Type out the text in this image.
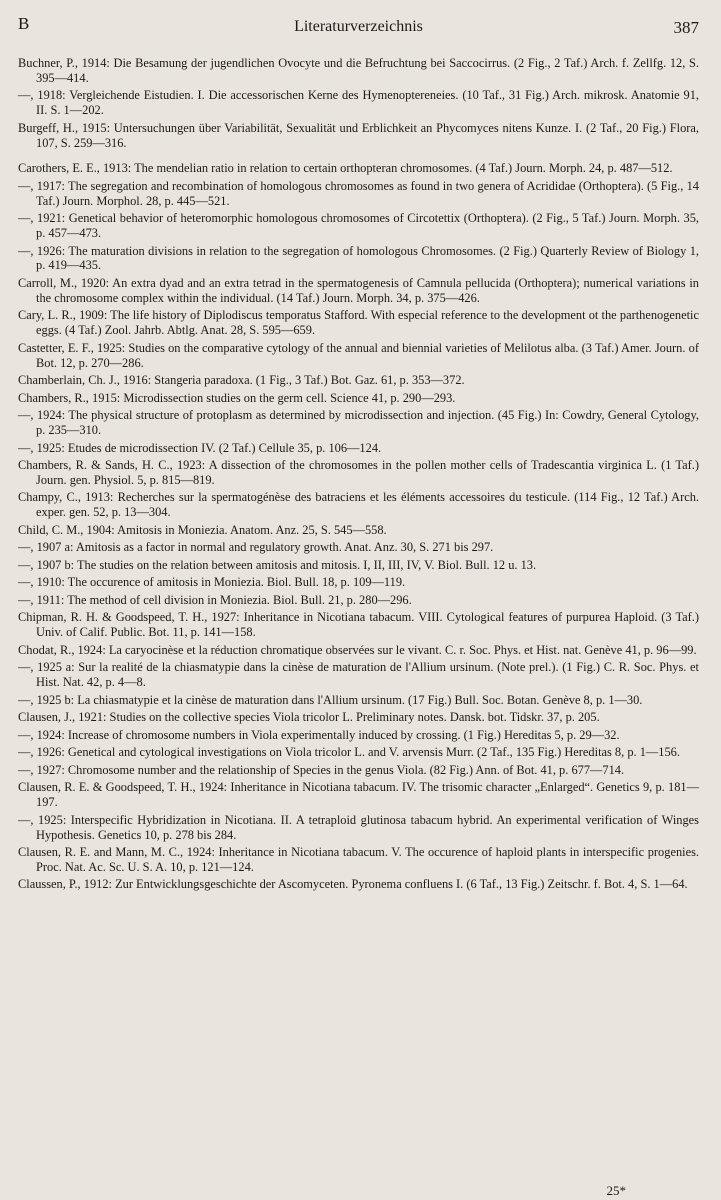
B	Literaturverzeichnis	387

Buchner, P., 1914: Die Besamung der jugendlichen Ovocyte und die Befruchtung bei Saccocirrus. (2 Fig., 2 Taf.) Arch. f. Zellfg. 12, S. 395—414.

—, 1918: Vergleichende Eistudien. I. Die accessorischen Kerne des Hymenoptereneies. (10 Taf., 31 Fig.) Arch. mikrosk. Anatomie 91, II. S. 1—202.

Burgeff, H., 1915: Untersuchungen über Variabilität, Sexualität und Erblichkeit an Phycomyces nitens Kunze. I. (2 Taf., 20 Fig.) Flora, 107, S. 259—316.

Carothers, E. E., 1913: The mendelian ratio in relation to certain orthopteran chromosomes. (4 Taf.) Journ. Morph. 24, p. 487—512.

—, 1917: The segregation and recombination of homologous chromosomes as found in two genera of Acrididae (Orthoptera). (5 Fig., 14 Taf.) Journ. Morphol. 28, p. 445—521.

—, 1921: Genetical behavior of heteromorphic homologous chromosomes of Circotettix (Orthoptera). (2 Fig., 5 Taf.) Journ. Morph. 35, p. 457—473.

—, 1926: The maturation divisions in relation to the segregation of homologous Chromosomes. (2 Fig.) Quarterly Review of Biology 1, p. 419—435.

Carroll, M., 1920: An extra dyad and an extra tetrad in the spermatogenesis of Camnula pellucida (Orthoptera); numerical variations in the chromosome complex within the individual. (14 Taf.) Journ. Morph. 34, p. 375—426.

Cary, L. R., 1909: The life history of Diplodiscus temporatus Stafford. With especial reference to the development ot the parthenogenetic eggs. (4 Taf.) Zool. Jahrb. Abtlg. Anat. 28, S. 595—659.

Castetter, E. F., 1925: Studies on the comparative cytology of the annual and biennial varieties of Melilotus alba. (3 Taf.) Amer. Journ. of Bot. 12, p. 270—286.

Chamberlain, Ch. J., 1916: Stangeria paradoxa. (1 Fig., 3 Taf.) Bot. Gaz. 61, p. 353—372.

Chambers, R., 1915: Microdissection studies on the germ cell. Science 41, p. 290—293.

—, 1924: The physical structure of protoplasm as determined by microdissection and injection. (45 Fig.) In: Cowdry, General Cytology, p. 235—310.

—, 1925: Etudes de microdissection IV. (2 Taf.) Cellule 35, p. 106—124.

Chambers, R. & Sands, H. C., 1923: A dissection of the chromosomes in the pollen mother cells of Tradescantia virginica L. (1 Taf.) Journ. gen. Physiol. 5, p. 815—819.

Champy, C., 1913: Recherches sur la spermatogénèse des batraciens et les éléments accessoires du testicule. (114 Fig., 12 Taf.) Arch. exper. gen. 52, p. 13—304.

Child, C. M., 1904: Amitosis in Moniezia. Anatom. Anz. 25, S. 545—558.

—, 1907 a: Amitosis as a factor in normal and regulatory growth. Anat. Anz. 30, S. 271 bis 297.

—, 1907 b: The studies on the relation between amitosis and mitosis. I, II, III, IV, V. Biol. Bull. 12 u. 13.

—, 1910: The occurence of amitosis in Moniezia. Biol. Bull. 18, p. 109—119.

—, 1911: The method of cell division in Moniezia. Biol. Bull. 21, p. 280—296.

Chipman, R. H. & Goodspeed, T. H., 1927: Inheritance in Nicotiana tabacum. VIII. Cytological features of purpurea Haploid. (3 Taf.) Univ. of Calif. Public. Bot. 11, p. 141—158.

Chodat, R., 1924: La caryocinèse et la réduction chromatique observées sur le vivant. C. r. Soc. Phys. et Hist. nat. Genève 41, p. 96—99.

—, 1925 a: Sur la realité de la chiasmatypie dans la cinèse de maturation de l'Allium ursinum. (Note prel.). (1 Fig.) C. R. Soc. Phys. et Hist. Nat. 42, p. 4—8.

—, 1925 b: La chiasmatypie et la cinèse de maturation dans l'Allium ursinum. (17 Fig.) Bull. Soc. Botan. Genève 8, p. 1—30.

Clausen, J., 1921: Studies on the collective species Viola tricolor L. Preliminary notes. Dansk. bot. Tidskr. 37, p. 205.

—, 1924: Increase of chromosome numbers in Viola experimentally induced by crossing. (1 Fig.) Hereditas 5, p. 29—32.

—, 1926: Genetical and cytological investigations on Viola tricolor L. and V. arvensis Murr. (2 Taf., 135 Fig.) Hereditas 8, p. 1—156.

—, 1927: Chromosome number and the relationship of Species in the genus Viola. (82 Fig.) Ann. of Bot. 41, p. 677—714.

Clausen, R. E. & Goodspeed, T. H., 1924: Inheritance in Nicotiana tabacum. IV. The trisomic character „Enlarged“. Genetics 9, p. 181—197.

—, 1925: Interspecific Hybridization in Nicotiana. II. A tetraploid glutinosa tabacum hybrid. An experimental verification of Winges Hypothesis. Genetics 10, p. 278 bis 284.

Clausen, R. E. and Mann, M. C., 1924: Inheritance in Nicotiana tabacum. V. The occurence of haploid plants in interspecific progenies. Proc. Nat. Ac. Sc. U. S. A. 10, p. 121—124.

Claussen, P., 1912: Zur Entwicklungsgeschichte der Ascomyceten. Pyronema confluens I. (6 Taf., 13 Fig.) Zeitschr. f. Bot. 4, S. 1—64.

25*
